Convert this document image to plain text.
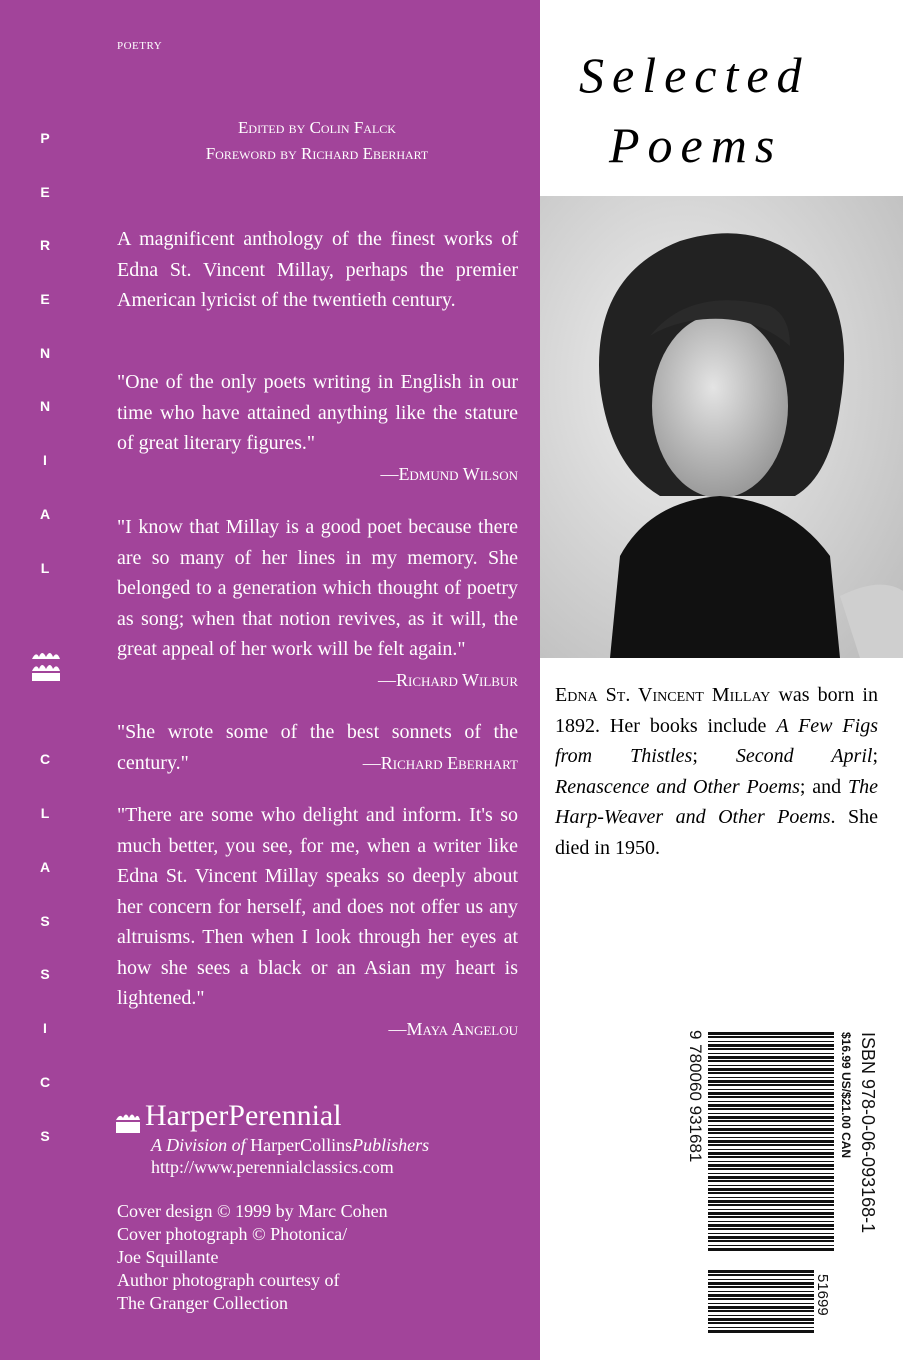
POETRY
P
E
R
E
N
N
I
A
L
C
L
A
S
S
I
C
S
Edited by Colin Falck
Foreword by Richard Eberhart
A magnificent anthology of the finest works of Edna St. Vincent Millay, perhaps the premier American lyricist of the twentieth century.
"One of the only poets writing in English in our time who have attained anything like the stature of great literary figures."
—Edmund Wilson
"I know that Millay is a good poet because there are so many of her lines in my memory. She belonged to a generation which thought of poetry as song; when that notion revives, as it will, the great appeal of her work will be felt again."
—Richard Wilbur
"She wrote some of the best sonnets of the century."	—Richard Eberhart
"There are some who delight and inform. It's so much better, you see, for me, when a writer like Edna St. Vincent Millay speaks so deeply about her concern for herself, and does not offer us any altruisms. Then when I look through her eyes at how she sees a black or an Asian my heart is lightened."
—Maya Angelou
HarperPerennial
A Division of HarperCollinsPublishers
http://www.perennialclassics.com
Cover design © 1999 by Marc Cohen
Cover photograph © Photonica/
Joe Squillante
Author photograph courtesy of
The Granger Collection
Selected
Poems
Edna St. Vincent Millay was born in 1892. Her books include A Few Figs from Thistles; Second April; Renascence and Other Poems; and The Harp-Weaver and Other Poems. She died in 1950.
ISBN 978-0-06-093168-1
$16.99 US/$21.00 CAN
9 780060 931681
51699
